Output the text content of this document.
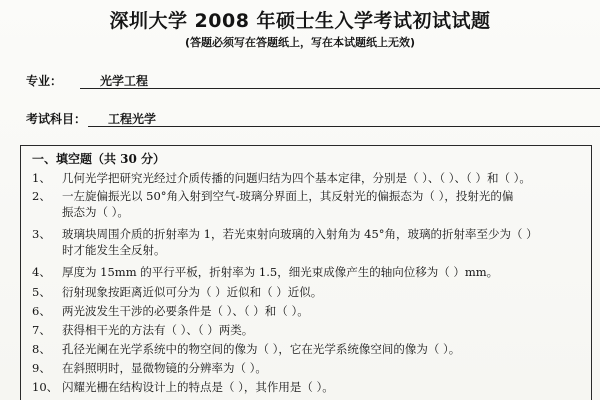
深圳大学 2008 年硕士生入学考试初试试题
(答题必须写在答题纸上，写在本试题纸上无效)
专业：	光学工程
考试科目：	工程光学
一、填空题（共 30 分）
1、 几何光学把研究光经过介质传播的问题归结为四个基本定律，分别是（ ）、（ ）、（ ）和（ ）。
2、 一左旋偏振光以 50°角入射到空气-玻璃分界面上，其反射光的偏振态为（ ），投射光的偏
振态为（ ）。
3、 玻璃块周围介质的折射率为 1，若光束射向玻璃的入射角为 45°角，玻璃的折射率至少为（ ）
时才能发生全反射。
4、 厚度为 15mm 的平行平板，折射率为 1.5，细光束成像产生的轴向位移为（ ）mm。
5、 衍射现象按距离近似可分为（ ）近似和（ ）近似。
6、 两光波发生干涉的必要条件是（ ）、（ ）和（ ）。
7、 获得相干光的方法有（ ）、（ ）两类。
8、 孔径光阑在光学系统中的物空间的像为（ ），它在光学系统像空间的像为（ ）。
9、 在斜照明时，显微物镜的分辨率为（ ）。
10、 闪耀光栅在结构设计上的特点是（ ），其作用是（ ）。
